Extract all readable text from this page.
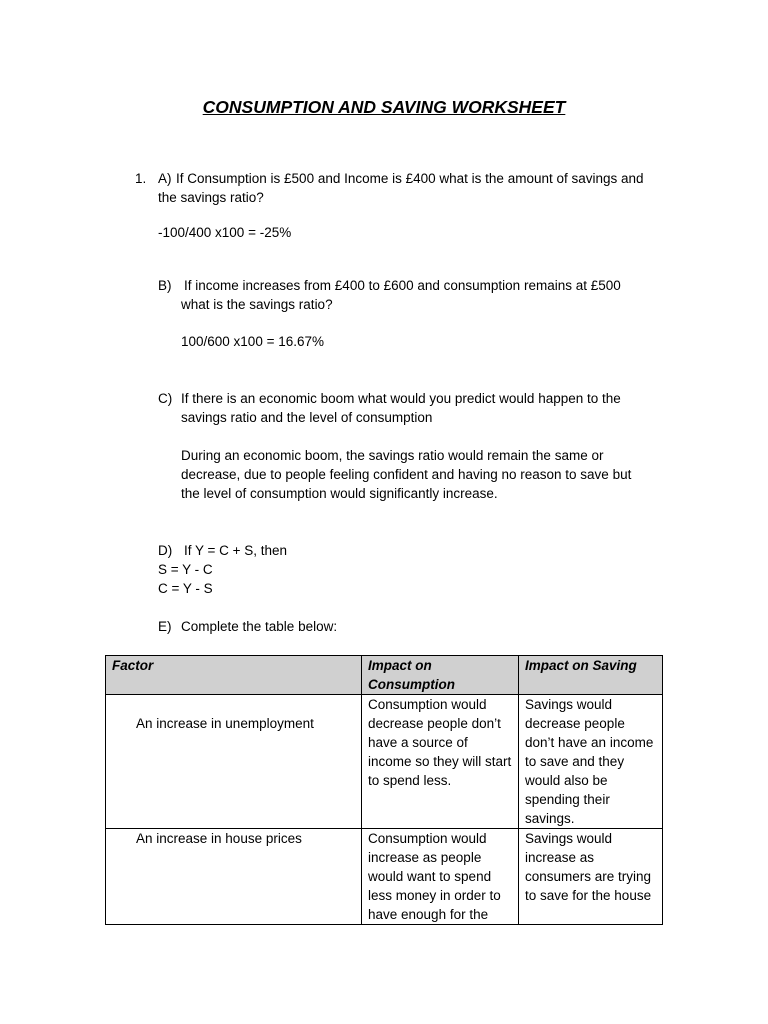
CONSUMPTION AND SAVING WORKSHEET
1. A) If Consumption is £500 and Income is £400 what is the amount of savings and
the savings ratio?
-100/400 x100 = -25%
B) If income increases from £400 to £600 and consumption remains at £500
what is the savings ratio?
100/600 x100 = 16.67%
C) If there is an economic boom what would you predict would happen to the
savings ratio and the level of consumption
During an economic boom, the savings ratio would remain the same or
decrease, due to people feeling confident and having no reason to save but
the level of consumption would significantly increase.
D) If Y = C + S, then
S = Y - C
C = Y - S
E) Complete the table below:
Factor	Impact on Consumption	Impact on Saving
An increase in unemployment	Consumption would decrease people don’t have a source of income so they will start to spend less.	Savings would decrease people don’t have an income to save and they would also be spending their savings.
An increase in house prices	Consumption would increase as people would want to spend less money in order to have enough for the	Savings would increase as consumers are trying to save for the house
